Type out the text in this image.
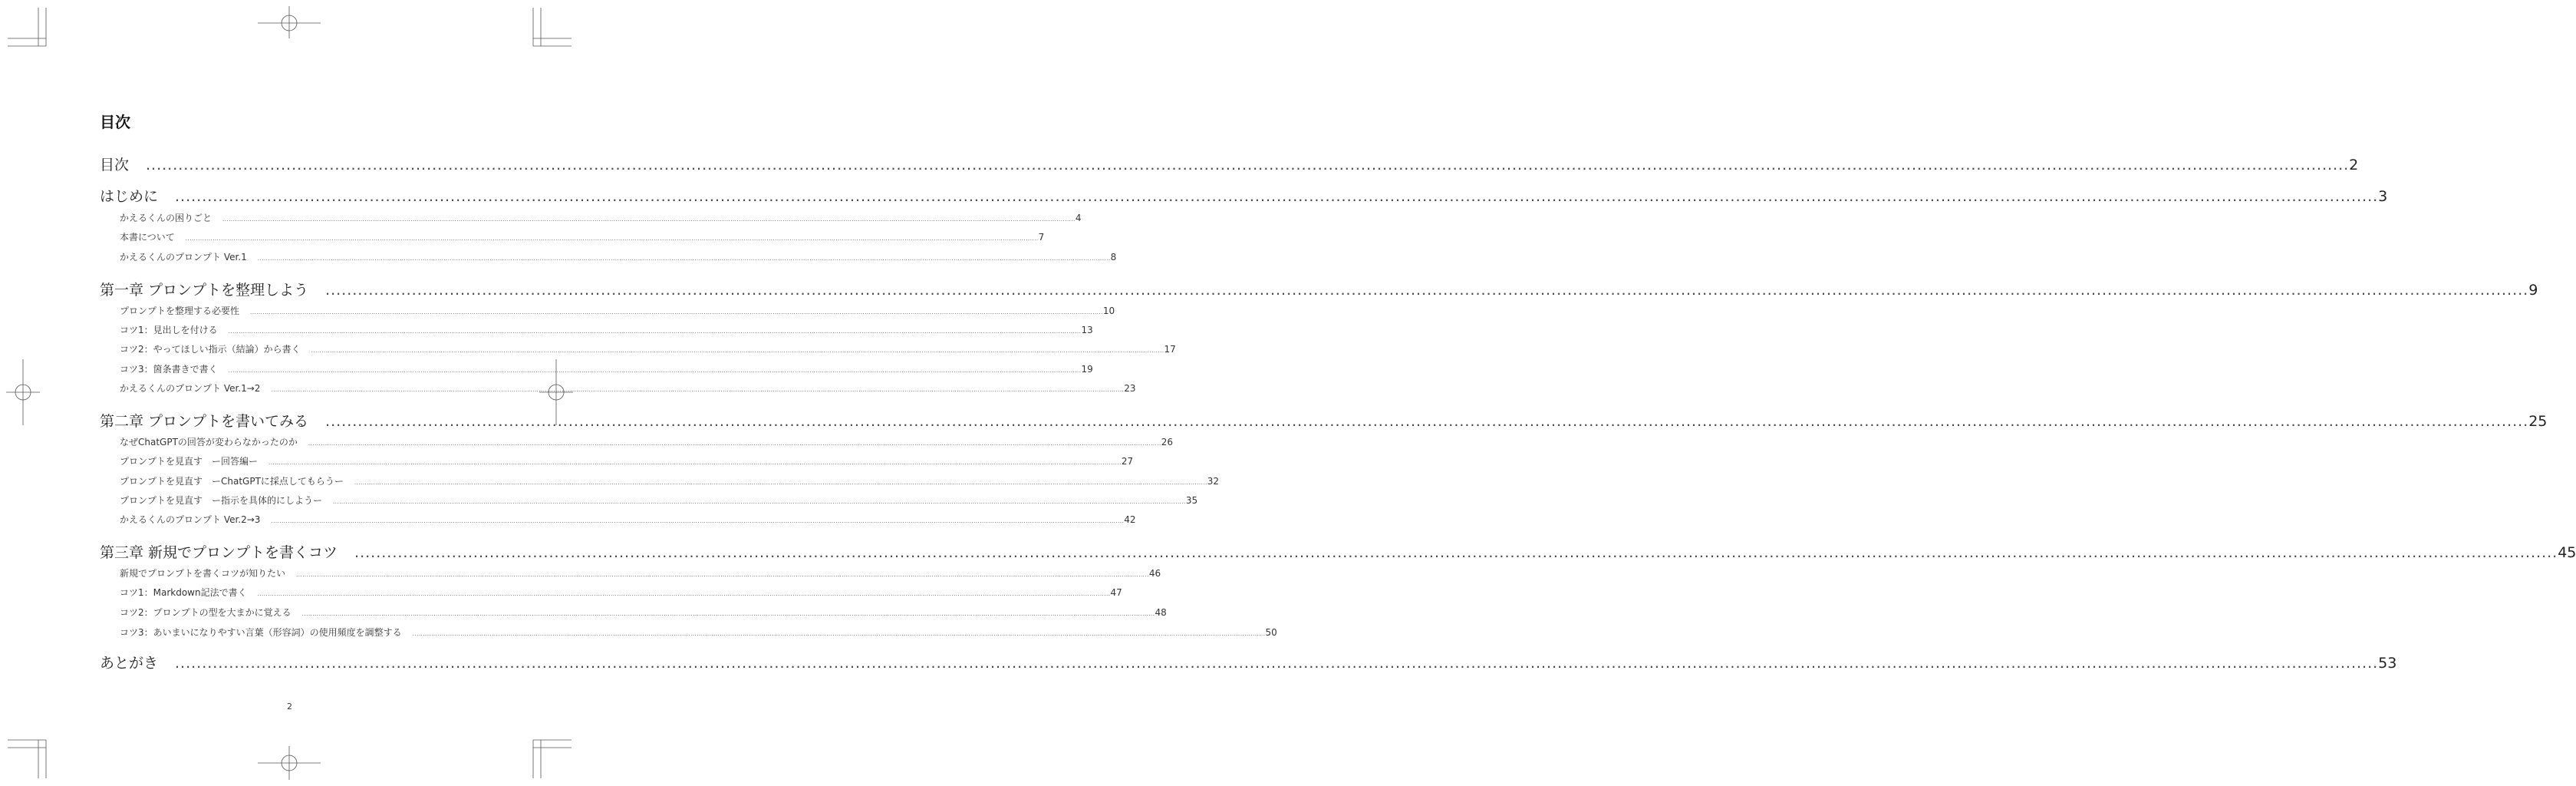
目次
目次 ........................................................................................................................................................................................................................................................................................................................................................................................................................ 2
はじめに ........................................................................................................................................................................................................................................................................................................................................................................................................................ 3
かえるくんの困りごと ........................................................................................................................................................................................................................................................................................................................................................................................................................ 4
本書について ........................................................................................................................................................................................................................................................................................................................................................................................................................ 7
かえるくんのプロンプト Ver.1 ........................................................................................................................................................................................................................................................................................................................................................................................................................ 8
第一章 プロンプトを整理しよう ........................................................................................................................................................................................................................................................................................................................................................................................................................ 9
プロンプトを整理する必要性 ........................................................................................................................................................................................................................................................................................................................................................................................................................ 10
コツ1：見出しを付ける ........................................................................................................................................................................................................................................................................................................................................................................................................................ 13
コツ2：やってほしい指示（結論）から書く ........................................................................................................................................................................................................................................................................................................................................................................................................................ 17
コツ3：箇条書きで書く ........................................................................................................................................................................................................................................................................................................................................................................................................................ 19
かえるくんのプロンプト Ver.1→2 ........................................................................................................................................................................................................................................................................................................................................................................................................................ 23
第二章 プロンプトを書いてみる ........................................................................................................................................................................................................................................................................................................................................................................................................................ 25
なぜChatGPTの回答が変わらなかったのか ........................................................................................................................................................................................................................................................................................................................................................................................................................ 26
プロンプトを見直す　ー回答編ー ........................................................................................................................................................................................................................................................................................................................................................................................................................ 27
プロンプトを見直す　ーChatGPTに採点してもらうー ........................................................................................................................................................................................................................................................................................................................................................................................................................ 32
プロンプトを見直す　ー指示を具体的にしようー ........................................................................................................................................................................................................................................................................................................................................................................................................................ 35
かえるくんのプロンプト Ver.2→3 ........................................................................................................................................................................................................................................................................................................................................................................................................................ 42
第三章 新規でプロンプトを書くコツ ........................................................................................................................................................................................................................................................................................................................................................................................................................ 45
新規でプロンプトを書くコツが知りたい ........................................................................................................................................................................................................................................................................................................................................................................................................................ 46
コツ1：Markdown記法で書く ........................................................................................................................................................................................................................................................................................................................................................................................................................ 47
コツ2：プロンプトの型を大まかに覚える ........................................................................................................................................................................................................................................................................................................................................................................................................................ 48
コツ3：あいまいになりやすい言葉（形容詞）の使用頻度を調整する ........................................................................................................................................................................................................................................................................................................................................................................................................................ 50
あとがき ........................................................................................................................................................................................................................................................................................................................................................................................................................ 53
2
